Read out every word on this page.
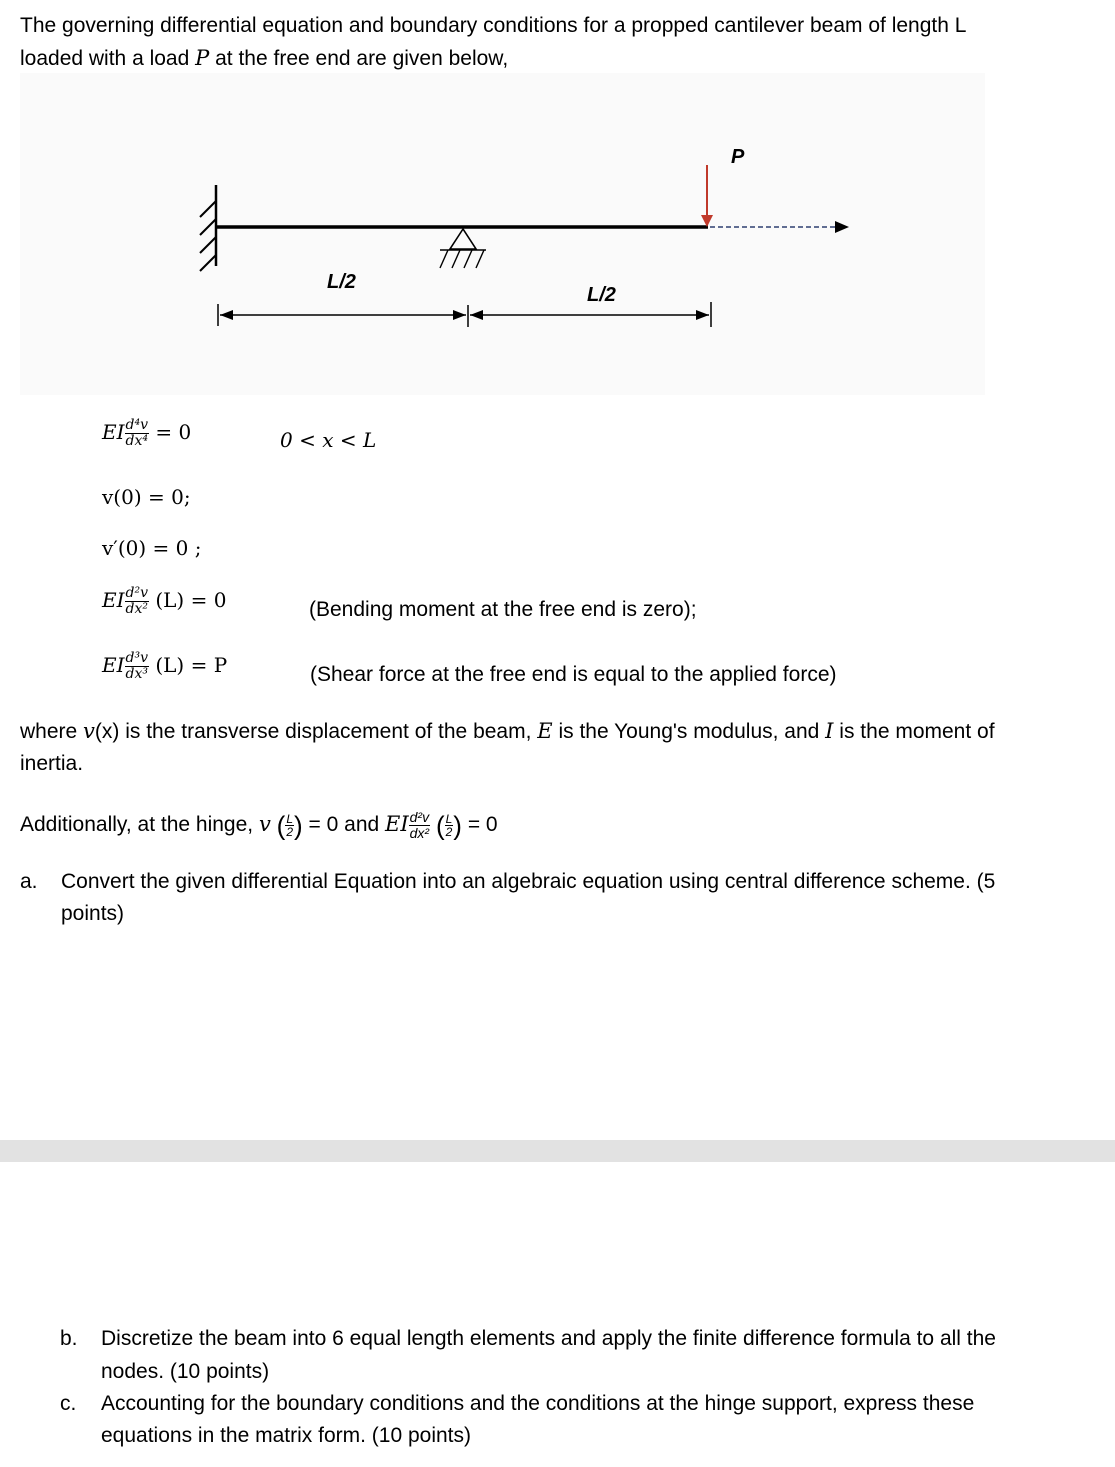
The governing differential equation and boundary conditions for a propped cantilever beam of length L
loaded with a load P at the free end are given below,
P
L/2
L/2
EI $\frac{\text{d⁴v}}{\text{dx⁴}} = 0$	0 < x < L
v(0) = 0;
v′(0) = 0 ;
EI $\frac{\text{d²v}}{\text{dx²}} (L) = 0$	(Bending moment at the free end is zero);
EI $\frac{\text{d³v}}{\text{dx³}} (L) = P$	(Shear force at the free end is equal to the applied force)
where v(x) is the transverse displacement of the beam, E is the Young's modulus, and I is the moment of
inertia.
Additionally, at the hinge, v ( $\frac{L}{2}$ ) = 0 and EI $\frac{\text{d²v}}{\text{dx²}}$ ( $\frac{L}{2}$ ) = 0
a. Convert the given differential Equation into an algebraic equation using central difference scheme. (5
points)
b. Discretize the beam into 6 equal length elements and apply the finite difference formula to all the
nodes. (10 points)
c. Accounting for the boundary conditions and the conditions at the hinge support, express these
equations in the matrix form. (10 points)
